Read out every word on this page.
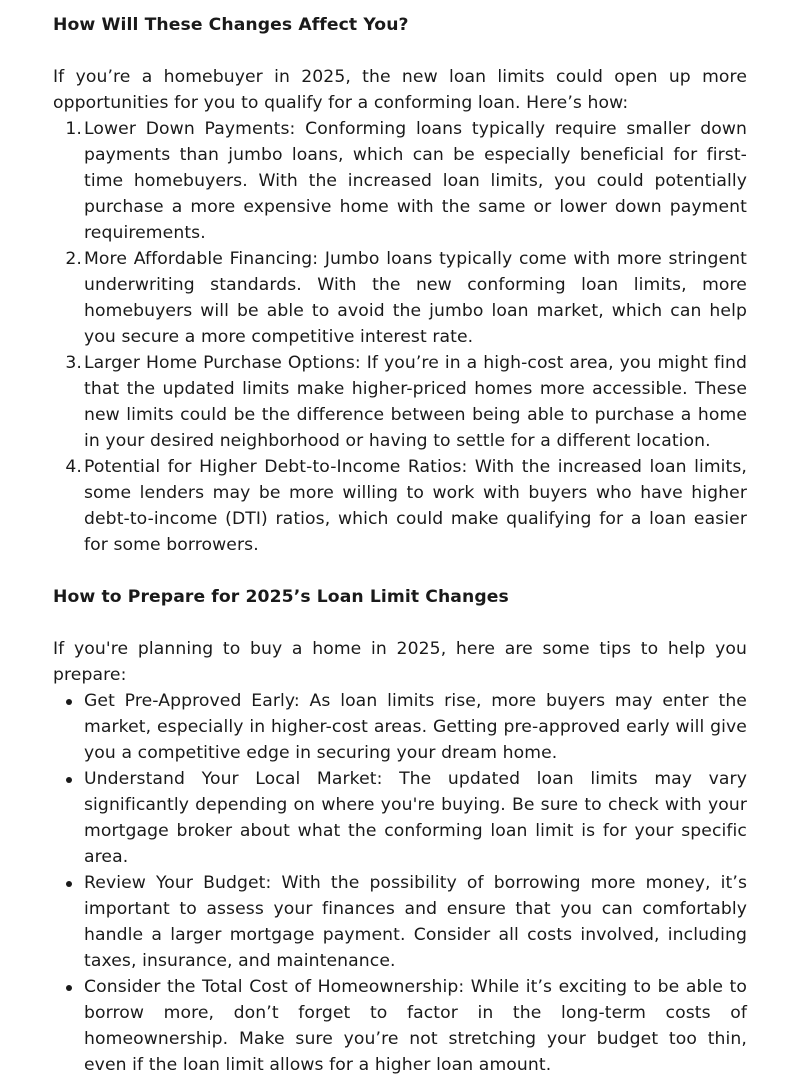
How Will These Changes Affect You?

If you’re a homebuyer in 2025, the new loan limits could open up more opportunities for you to qualify for a conforming loan. Here’s how:

1. Lower Down Payments: Conforming loans typically require smaller down payments than jumbo loans, which can be especially beneficial for first-time homebuyers. With the increased loan limits, you could potentially purchase a more expensive home with the same or lower down payment requirements.
2. More Affordable Financing: Jumbo loans typically come with more stringent underwriting standards. With the new conforming loan limits, more homebuyers will be able to avoid the jumbo loan market, which can help you secure a more competitive interest rate.
3. Larger Home Purchase Options: If you’re in a high-cost area, you might find that the updated limits make higher-priced homes more accessible. These new limits could be the difference between being able to purchase a home in your desired neighborhood or having to settle for a different location.
4. Potential for Higher Debt-to-Income Ratios: With the increased loan limits, some lenders may be more willing to work with buyers who have higher debt-to-income (DTI) ratios, which could make qualifying for a loan easier for some borrowers.
How to Prepare for 2025’s Loan Limit Changes

If you're planning to buy a home in 2025, here are some tips to help you prepare:

Get Pre-Approved Early: As loan limits rise, more buyers may enter the market, especially in higher-cost areas. Getting pre-approved early will give you a competitive edge in securing your dream home.
Understand Your Local Market: The updated loan limits may vary significantly depending on where you're buying. Be sure to check with your mortgage broker about what the conforming loan limit is for your specific area.
Review Your Budget: With the possibility of borrowing more money, it’s important to assess your finances and ensure that you can comfortably handle a larger mortgage payment. Consider all costs involved, including taxes, insurance, and maintenance.
Consider the Total Cost of Homeownership: While it’s exciting to be able to borrow more, don’t forget to factor in the long-term costs of homeownership. Make sure you’re not stretching your budget too thin, even if the loan limit allows for a higher loan amount.
